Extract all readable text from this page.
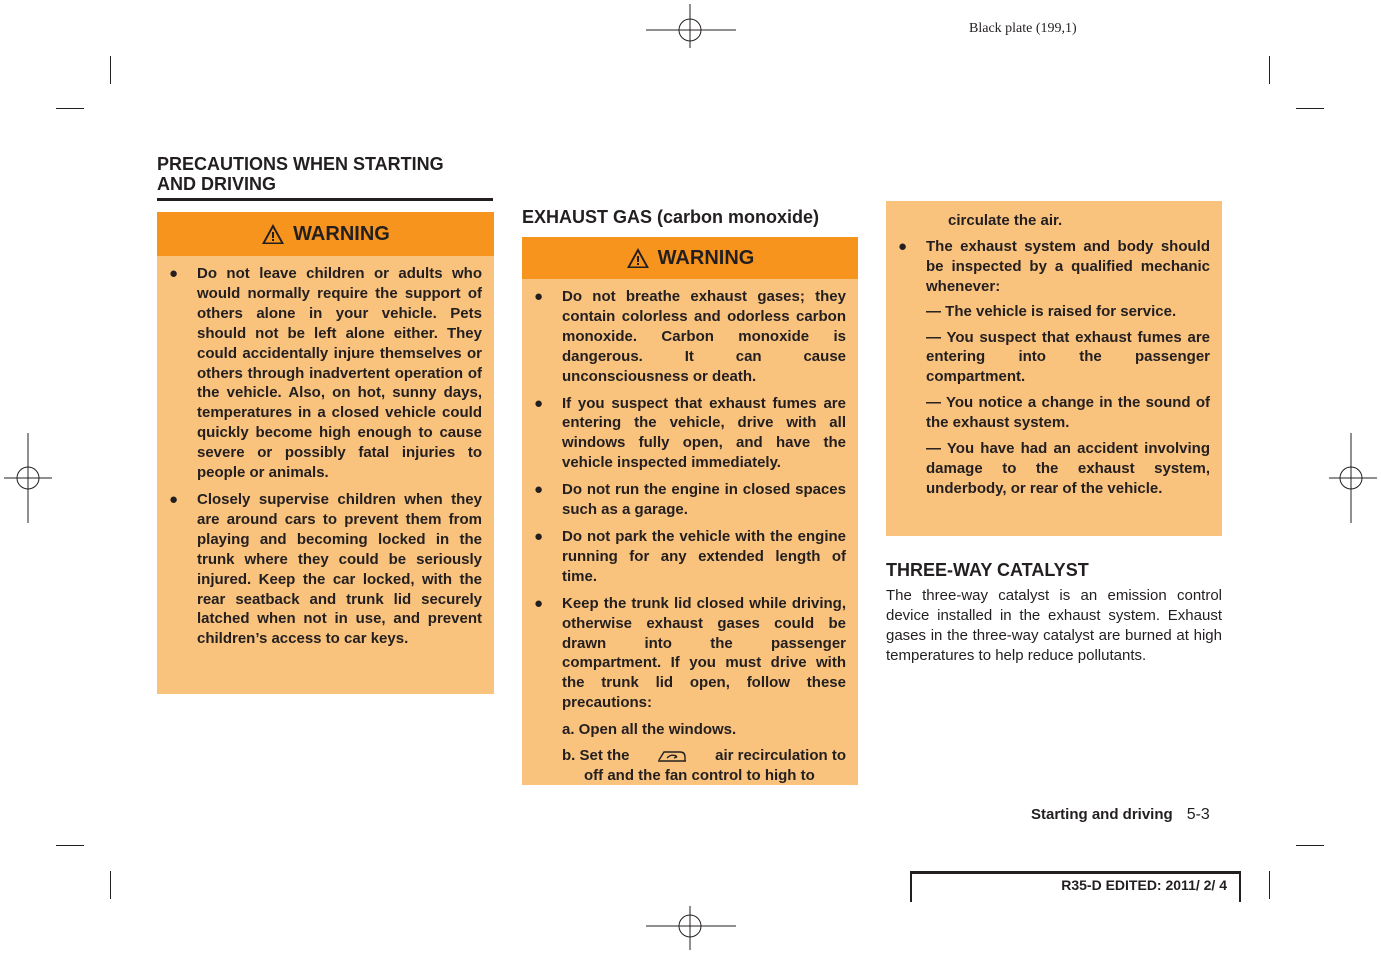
Black plate (199,1)
PRECAUTIONS WHEN STARTING
AND DRIVING
WARNING
●	Do not leave children or adults who would normally require the support of others alone in your vehicle. Pets should not be left alone either. They could accidentally injure themselves or others through inadvertent operation of the vehicle. Also, on hot, sunny days, temperatures in a closed vehicle could quickly become high enough to cause severe or possibly fatal injuries to people or animals.
●	Closely supervise children when they are around cars to prevent them from playing and becoming locked in the trunk where they could be seriously injured. Keep the car locked, with the rear seatback and trunk lid securely latched when not in use, and prevent children’s access to car keys.
EXHAUST GAS (carbon monoxide)
WARNING
●	Do not breathe exhaust gases; they contain colorless and odorless carbon monoxide. Carbon monoxide is dangerous. It can cause unconsciousness or death.
●	If you suspect that exhaust fumes are entering the vehicle, drive with all windows fully open, and have the vehicle inspected immediately.
●	Do not run the engine in closed spaces such as a garage.
●	Do not park the vehicle with the engine running for any extended length of time.
●	Keep the trunk lid closed while driving, otherwise exhaust gases could be drawn into the passenger compartment. If you must drive with the trunk lid open, follow these precautions:
a. Open all the windows.
b. Set the	air recirculation to
off and the fan control to high to
circulate the air.
●	The exhaust system and body should be inspected by a qualified mechanic whenever:
— The vehicle is raised for service.
— You suspect that exhaust fumes are entering into the passenger compartment.
— You notice a change in the sound of the exhaust system.
— You have had an accident involving damage to the exhaust system, underbody, or rear of the vehicle.
THREE-WAY CATALYST
The three-way catalyst is an emission control device installed in the exhaust system. Exhaust gases in the three-way catalyst are burned at high temperatures to help reduce pollutants.
Starting and driving 5-3
R35-D EDITED: 2011/ 2/ 4
